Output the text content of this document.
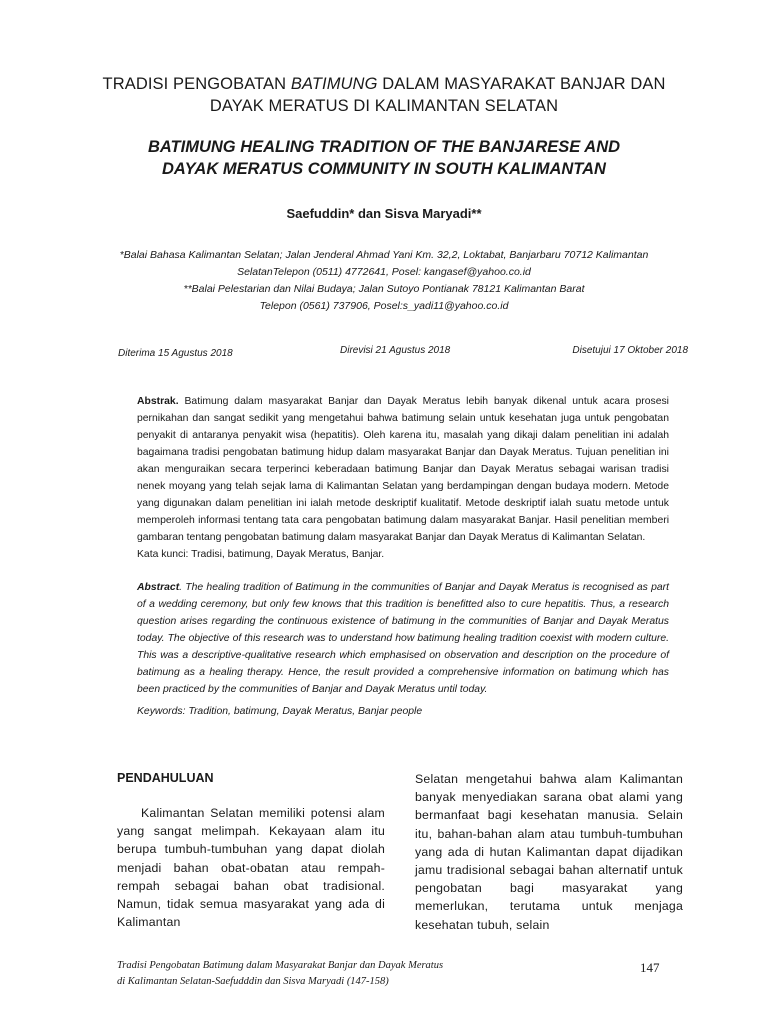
TRADISI PENGOBATAN BATIMUNG DALAM MASYARAKAT BANJAR DAN
DAYAK MERATUS DI KALIMANTAN SELATAN
BATIMUNG HEALING TRADITION OF THE BANJARESE AND
DAYAK MERATUS COMMUNITY IN SOUTH KALIMANTAN
Saefuddin* dan Sisva Maryadi**
*Balai Bahasa Kalimantan Selatan; Jalan Jenderal Ahmad Yani Km. 32,2, Loktabat, Banjarbaru 70712 Kalimantan
SelatanTelepon (0511) 4772641, Posel: kangasef@yahoo.co.id
**Balai Pelestarian dan Nilai Budaya; Jalan Sutoyo Pontianak 78121 Kalimantan Barat
Telepon (0561) 737906, Posel:s_yadi11@yahoo.co.id
Diterima 15 Agustus 2018	Direvisi 21 Agustus 2018	Disetujui 17 Oktober 2018

Abstrak. Batimung dalam masyarakat Banjar dan Dayak Meratus lebih banyak dikenal untuk acara prosesi pernikahan dan sangat sedikit yang mengetahui bahwa batimung selain untuk kesehatan juga untuk pengobatan penyakit di antaranya penyakit wisa (hepatitis). Oleh karena itu, masalah yang dikaji dalam penelitian ini adalah bagaimana tradisi pengobatan batimung hidup dalam masyarakat Banjar dan Dayak Meratus. Tujuan penelitian ini akan menguraikan secara terperinci keberadaan batimung Banjar dan Dayak Meratus sebagai warisan tradisi nenek moyang yang telah sejak lama di Kalimantan Selatan yang berdampingan dengan budaya modern. Metode yang digunakan dalam penelitian ini ialah metode deskriptif kualitatif. Metode deskriptif ialah suatu metode untuk memperoleh informasi tentang tata cara pengobatan batimung dalam masyarakat Banjar. Hasil penelitian memberi gambaran tentang pengobatan batimung dalam masyarakat Banjar dan Dayak Meratus di Kalimantan Selatan.

Kata kunci: Tradisi, batimung, Dayak Meratus, Banjar.
Abstract. The healing tradition of Batimung in the communities of Banjar and Dayak Meratus is recognised as part of a wedding ceremony, but only few knows that this tradition is benefitted also to cure hepatitis. Thus, a research question arises regarding the continuous existence of batimung in the communities of Banjar and Dayak Meratus today. The objective of this research was to understand how batimung healing tradition coexist with modern culture. This was a descriptive-qualitative research which emphasised on observation and description on the procedure of batimung as a healing therapy. Hence, the result provided a comprehensive information on batimung which has been practiced by the communities of Banjar and Dayak Meratus until today.
Keywords: Tradition, batimung, Dayak Meratus, Banjar people
PENDAHULUAN

Kalimantan Selatan memiliki potensi alam yang sangat melimpah. Kekayaan alam itu berupa tumbuh-tumbuhan yang dapat diolah menjadi bahan obat-obatan atau rempah-rempah sebagai bahan obat tradisional. Namun, tidak semua masyarakat yang ada di Kalimantan

Selatan mengetahui bahwa alam Kalimantan banyak menyediakan sarana obat alami yang bermanfaat bagi kesehatan manusia. Selain itu, bahan-bahan alam atau tumbuh-tumbuhan yang ada di hutan Kalimantan dapat dijadikan jamu tradisional sebagai bahan alternatif untuk pengobatan bagi masyarakat yang memerlukan, terutama untuk menjaga kesehatan tubuh, selain

Tradisi Pengobatan Batimung dalam Masyarakat Banjar dan Dayak Meratus
di Kalimantan Selatan-Saefudddin dan Sisva Maryadi (147-158)
147
